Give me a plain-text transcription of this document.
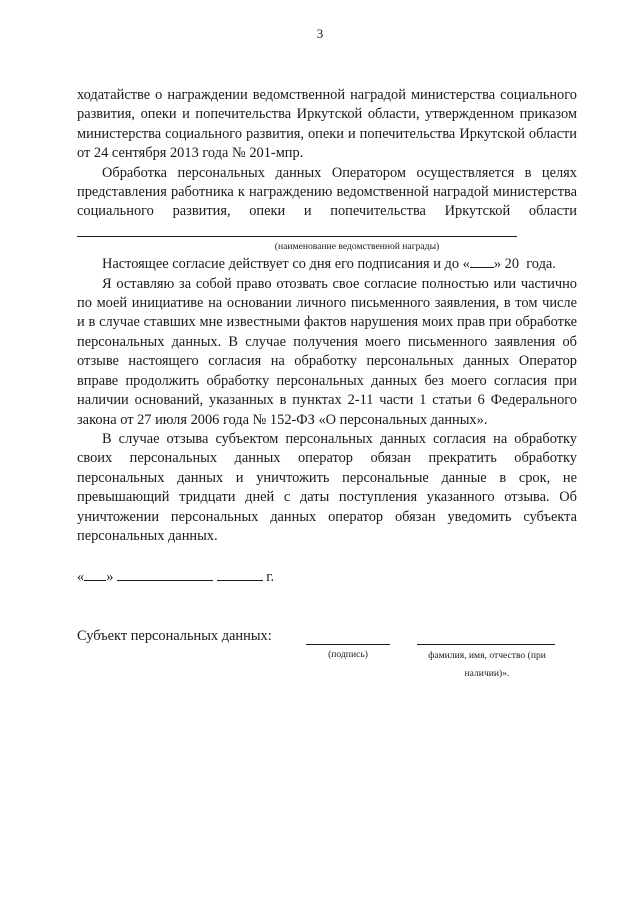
3

ходатайстве о награждении ведомственной наградой министерства социального развития, опеки и попечительства Иркутской области, утвержденном приказом министерства социального развития, опеки и попечительства Иркутской области от 24 сентября 2013 года № 201-мпр.

Обработка персональных данных Оператором осуществляется в целях представления работника к награждению ведомственной наградой министерства социального развития, опеки и попечительства Иркутской области

(наименование ведомственной награды)

Настоящее согласие действует со дня его подписания и до « » 20 года.

Я оставляю за собой право отозвать свое согласие полностью или частично по моей инициативе на основании личного письменного заявления, в том числе и в случае ставших мне известными фактов нарушения моих прав при обработке персональных данных. В случае получения моего письменного заявления об отзыве настоящего согласия на обработку персональных данных Оператор вправе продолжить обработку персональных данных без моего согласия при наличии оснований, указанных в пунктах 2-11 части 1 статьи 6 Федерального закона от 27 июля 2006 года № 152-ФЗ «О персональных данных».

В случае отзыва субъектом персональных данных согласия на обработку своих персональных данных оператор обязан прекратить обработку персональных данных и уничтожить персональные данные в срок, не превышающий тридцати дней с даты поступления указанного отзыва. Об уничтожении персональных данных оператор обязан уведомить субъекта персональных данных.

« »	г.
Субъект персональных данных:
(подпись)	фамилия, имя, отчество (при наличии)».
